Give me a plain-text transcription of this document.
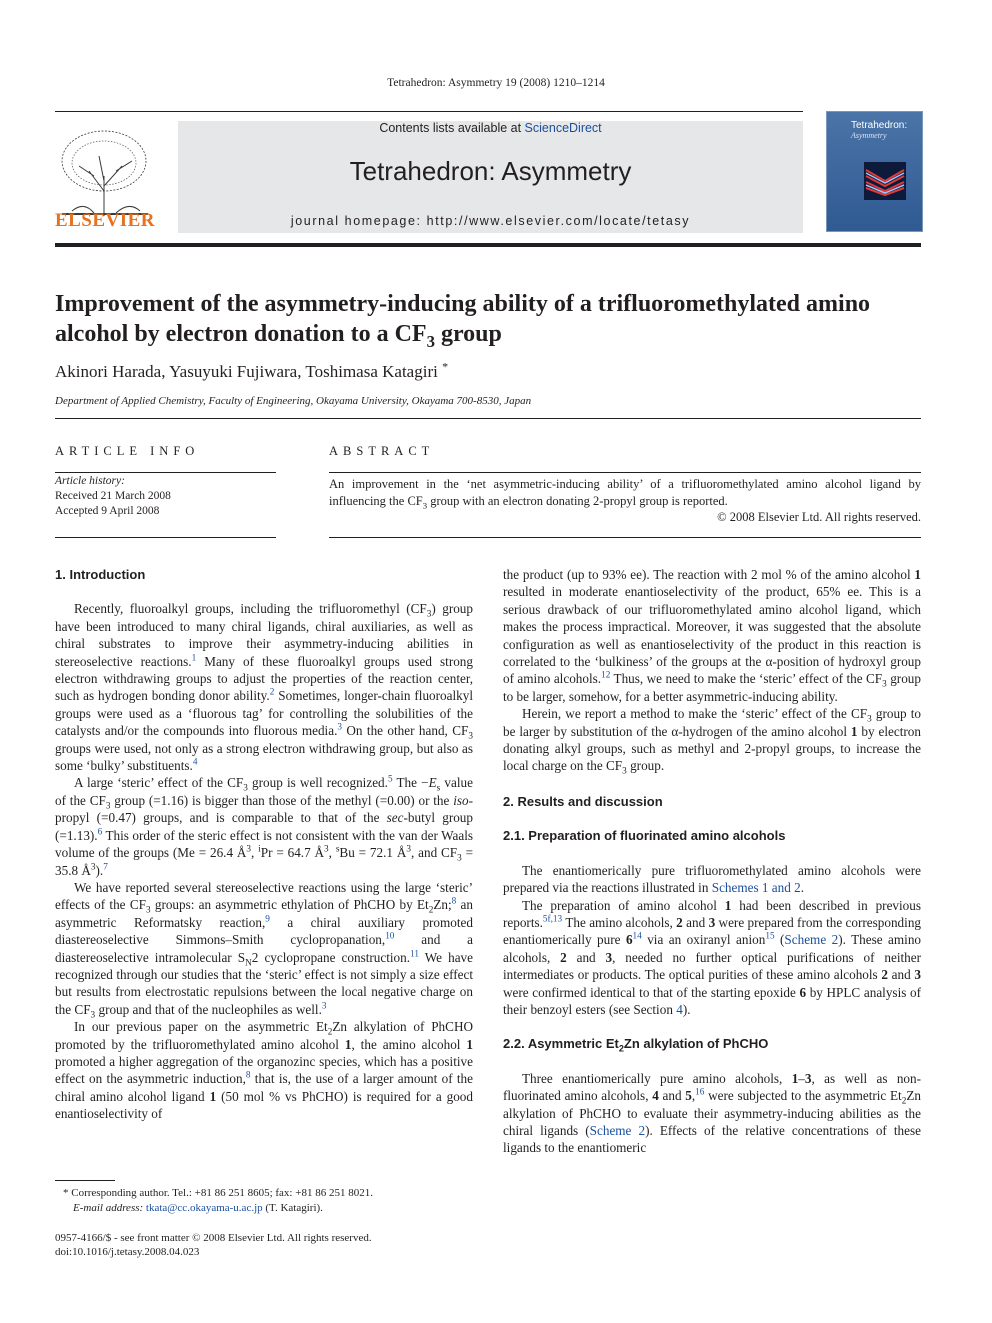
Tetrahedron: Asymmetry 19 (2008) 1210–1214
ELSEVIER
Contents lists available at ScienceDirect
Tetrahedron: Asymmetry
journal homepage: http://www.elsevier.com/locate/tetasy
Tetrahedron:
Asymmetry
Improvement of the asymmetry-inducing ability of a trifluoromethylated amino alcohol by electron donation to a $CF_3$ group
Akinori Harada, Yasuyuki Fujiwara, Toshimasa Katagiri *
Department of Applied Chemistry, Faculty of Engineering, Okayama University, Okayama 700-8530, Japan
ARTICLE INFO	ABSTRACT
Article history:
Received 21 March 2008
Accepted 9 April 2008
An improvement in the ‘net asymmetric-inducing ability’ of a trifluoromethylated amino alcohol ligand by influencing the $CF_3$ group with an electron donating 2-propyl group is reported.
© 2008 Elsevier Ltd. All rights reserved.
1. Introduction

Recently, fluoroalkyl groups, including the trifluoromethyl $(CF_3)$ group have been introduced to many chiral ligands, chiral auxiliaries, as well as chiral substrates to improve their asymmetry-inducing abilities in stereoselective reactions.$^1$ Many of these fluoroalkyl groups used strong electron withdrawing groups to adjust the properties of the reaction center, such as hydrogen bonding donor ability.$^2$ Sometimes, longer-chain fluoroalkyl groups were used as a ‘fluorous tag’ for controlling the solubilities of the catalysts and/or the compounds into fluorous media.$^3$ On the other hand, $CF_3$ groups were used, not only as a strong electron withdrawing group, but also as some ‘bulky’ substituents.$^4$

A large ‘steric’ effect of the $CF_3$ group is well recognized.$^5$ The $-E_s$ value of the $CF_3$ group (=1.16) is bigger than those of the methyl (=0.00) or the iso-propyl (=0.47) groups, and is comparable to that of the sec-butyl group (=1.13).$^6$ This order of the steric effect is not consistent with the van der Waals volume of the groups (Me = 26.4 $Å^3$, $^i$Pr = 64.7 $Å^3$, $^s$Bu = 72.1 $Å^3$, and $CF_3 = 35.8$ $Å^3).^7$

We have reported several stereoselective reactions using the large ‘steric’ effects of the $CF_3$ groups: an asymmetric ethylation of PhCHO by $Et_2Zn;^8$ an asymmetric Reformatsky reaction,$^9$ a chiral auxiliary promoted diastereoselective Simmons–Smith cyclopropanation,$^{10}$ and a diastereoselective intramolecular $S_N2$ cyclopropane construction.$^{11}$ We have recognized through our studies that the ‘steric’ effect is not simply a size effect but results from electrostatic repulsions between the local negative charge on the $CF_3$ group and that of the nucleophiles as well.$^3$

In our previous paper on the asymmetric $Et_2Zn$ alkylation of PhCHO promoted by the trifluoromethylated amino alcohol 1, the amino alcohol 1 promoted a higher aggregation of the organozinc species, which has a positive effect on the asymmetric induction,$^8$ that is, the use of a larger amount of the chiral amino alcohol ligand 1 (50 mol % vs PhCHO) is required for a good enantioselectivity of

the product (up to 93% ee). The reaction with 2 mol % of the amino alcohol 1 resulted in moderate enantioselectivity of the product, 65% ee. This is a serious drawback of our trifluoromethylated amino alcohol ligand, which makes the process impractical. Moreover, it was suggested that the absolute configuration as well as enantioselectivity of the product in this reaction is correlated to the ‘bulkiness’ of the groups at the α-position of hydroxyl group of amino alcohols.$^{12}$ Thus, we need to make the ‘steric’ effect of the $CF_3$ group to be larger, somehow, for a better asymmetric-inducing ability.

Herein, we report a method to make the ‘steric’ effect of the $CF_3$ group to be larger by substitution of the α-hydrogen of the amino alcohol 1 by electron donating alkyl groups, such as methyl and 2-propyl groups, to increase the local charge on the $CF_3$ group.

2. Results and discussion
2.1. Preparation of fluorinated amino alcohols

The enantiomerically pure trifluoromethylated amino alcohols were prepared via the reactions illustrated in Schemes 1 and 2.

The preparation of amino alcohol 1 had been described in previous reports.$^{5f,13}$ The amino alcohols, 2 and 3 were prepared from the corresponding enantiomerically pure $6^{14}$ via an oxiranyl anion$^{15}$ (Scheme 2). These amino alcohols, 2 and 3, needed no further optical purifications of neither intermediates or products. The optical purities of these amino alcohols 2 and 3 were confirmed identical to that of the starting epoxide 6 by HPLC analysis of their benzoyl esters (see Section 4).

2.2. Asymmetric $Et_2Zn$ alkylation of PhCHO

Three enantiomerically pure amino alcohols, 1–3, as well as non-fluorinated amino alcohols, 4 and 5,16 were subjected to the asymmetric $Et_2Zn$ alkylation of PhCHO to evaluate their asymmetry-inducing abilities as the chiral ligands (Scheme 2). Effects of the relative concentrations of these ligands to the enantiomeric

* Corresponding author. Tel.: +81 86 251 8605; fax: +81 86 251 8021.
E-mail address: tkata@cc.okayama-u.ac.jp (T. Katagiri).
0957-4166/$ - see front matter © 2008 Elsevier Ltd. All rights reserved.
doi:10.1016/j.tetasy.2008.04.023
